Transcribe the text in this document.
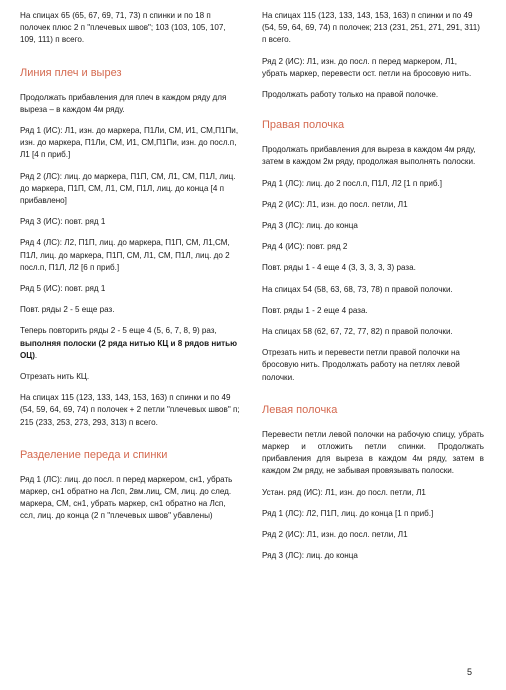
На спицах 65 (65, 67, 69, 71, 73) п спинки и по 18 п полочек плюс 2 п "плечевых швов"; 103 (103, 105, 107, 109, 111) п всего.

Линия плеч и вырез

Продолжать прибавления для плеч в каждом ряду для выреза – в каждом 4м ряду.

Ряд 1 (ИС): Л1, изн. до маркера, П1Ли, СМ, И1, СМ,П1Пи, изн. до маркера, П1Ли, СМ, И1, СМ,П1Пи, изн. до посл.п, Л1 [4 п приб.]

Ряд 2 (ЛС): лиц. до маркера, П1П, СМ, Л1, СМ, П1Л, лиц. до маркера, П1П, СМ, Л1, СМ, П1Л, лиц. до конца [4 п прибавлено]

Ряд 3 (ИС): повт. ряд 1

Ряд 4 (ЛС): Л2, П1П, лиц. до маркера, П1П, СМ, Л1,СМ, П1Л, лиц. до маркера, П1П, СМ, Л1, СМ, П1Л, лиц. до 2 посл.п, П1Л, Л2 [6 п приб.]

Ряд 5 (ИС): повт. ряд 1

Повт. ряды 2 - 5 еще раз.

Теперь повторить ряды 2 - 5 еще 4 (5, 6, 7, 8, 9) раз, выполняя полоски (2 ряда нитью КЦ и 8 рядов нитью ОЦ).

Отрезать нить КЦ.

На спицах 115 (123, 133, 143, 153, 163) п спинки и по 49 (54, 59, 64, 69, 74) п полочек + 2 петли "плечевых швов" п; 215 (233, 253, 273, 293, 313) п всего.

Разделение переда и спинки

Ряд 1 (ЛС): лиц. до посл. п перед маркером, сн1, убрать маркер, сн1 обратно на Лсп, 2вм.лиц, СМ, лиц. до след. маркера, СМ, сн1, убрать маркер, сн1 обратно на Лсп, ссл, лиц. до конца (2 п "плечевых швов" убавлены)

На спицах 115 (123, 133, 143, 153, 163) п спинки и по 49 (54, 59, 64, 69, 74) п полочек; 213 (231, 251, 271, 291, 311) п всего.

Ряд 2 (ИС): Л1, изн. до посл. п перед маркером, Л1, убрать маркер, перевести ост. петли на бросовую нить.

Продолжать работу только на правой полочке.

Правая полочка

Продолжать прибавления для выреза в каждом 4м ряду, затем в каждом 2м ряду, продолжая выполнять полоски.

Ряд 1 (ЛС): лиц. до 2 посл.п, П1Л, Л2 [1 п приб.]

Ряд 2 (ИС): Л1, изн. до посл. петли, Л1

Ряд 3 (ЛС): лиц. до конца

Ряд 4 (ИС): повт. ряд 2

Повт. ряды 1 - 4 еще 4 (3, 3, 3, 3, 3) раза.

На спицах 54 (58, 63, 68, 73, 78) п правой полочки.

Повт. ряды 1 - 2 еще 4 раза.

На спицах 58 (62, 67, 72, 77, 82) п правой полочки.

Отрезать нить и перевести петли правой полочки на бросовую нить. Продолжать работу на петлях левой полочки.

Левая полочка

Перевести петли левой полочки на рабочую спицу, убрать маркер и отложить петли спинки. Продолжать прибавления для выреза в каждом 4м ряду, затем в каждом 2м ряду, не забывая провязывать полоски.

Устан. ряд (ИС): Л1, изн. до посл. петли, Л1

Ряд 1 (ЛС): Л2, П1П, лиц. до конца [1 п приб.]

Ряд 2 (ИС): Л1, изн. до посл. петли, Л1

Ряд 3 (ЛС): лиц. до конца

5
